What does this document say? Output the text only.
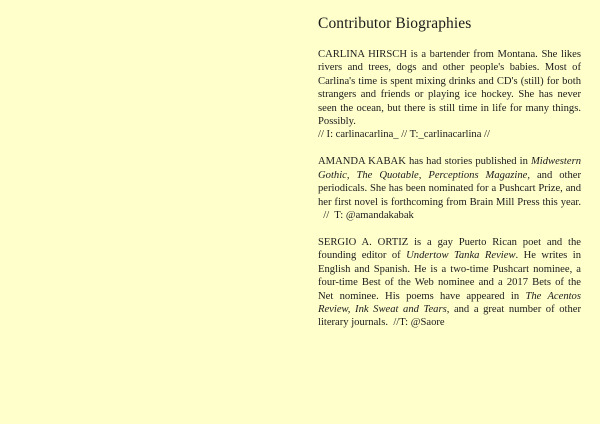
Contributor Biographies

CARLINA HIRSCH is a bartender from Montana. She likes rivers and trees, dogs and other people's babies. Most of Carlina's time is spent mixing drinks and CD's (still) for both strangers and friends or playing ice hockey. She has never seen the ocean, but there is still time in life for many things. Possibly.
// I: carlinacarlina_ // T:_carlinacarlina //

AMANDA KABAK has had stories published in Midwestern Gothic, The Quotable, Perceptions Magazine, and other periodicals. She has been nominated for a Pushcart Prize, and her first novel is forthcoming from Brain Mill Press this year.  //  T: @amandakabak

SERGIO A. ORTIZ is a gay Puerto Rican poet and the founding editor of Undertow Tanka Review. He writes in English and Spanish. He is a two-time Pushcart nominee, a four-time Best of the Web nominee and a 2017 Bets of the Net nominee. His poems have appeared in The Acentos Review, Ink Sweat and Tears, and a great number of other literary journals.  //T: @Saore
